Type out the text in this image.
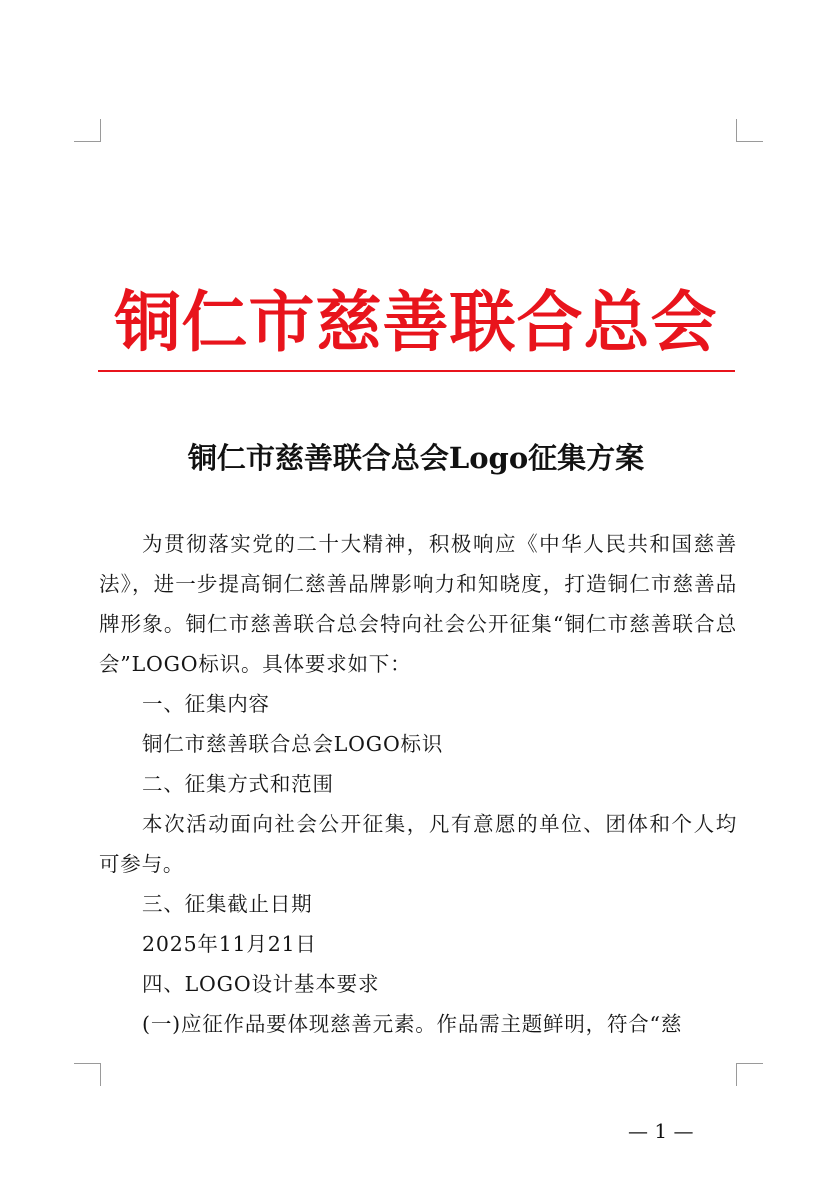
铜仁市慈善联合总会
铜仁市慈善联合总会Logo征集方案

为贯彻落实党的二十大精神，积极响应《中华人民共和国慈善法》，进一步提高铜仁慈善品牌影响力和知晓度，打造铜仁市慈善品牌形象。铜仁市慈善联合总会特向社会公开征集“铜仁市慈善联合总会”LOGO标识。具体要求如下：

一、征集内容

铜仁市慈善联合总会LOGO标识

二、征集方式和范围

本次活动面向社会公开征集，凡有意愿的单位、团体和个人均可参与。

三、征集截止日期

2025年11月21日

四、LOGO设计基本要求

(一)应征作品要体现慈善元素。作品需主题鲜明，符合“慈

— 1 —
